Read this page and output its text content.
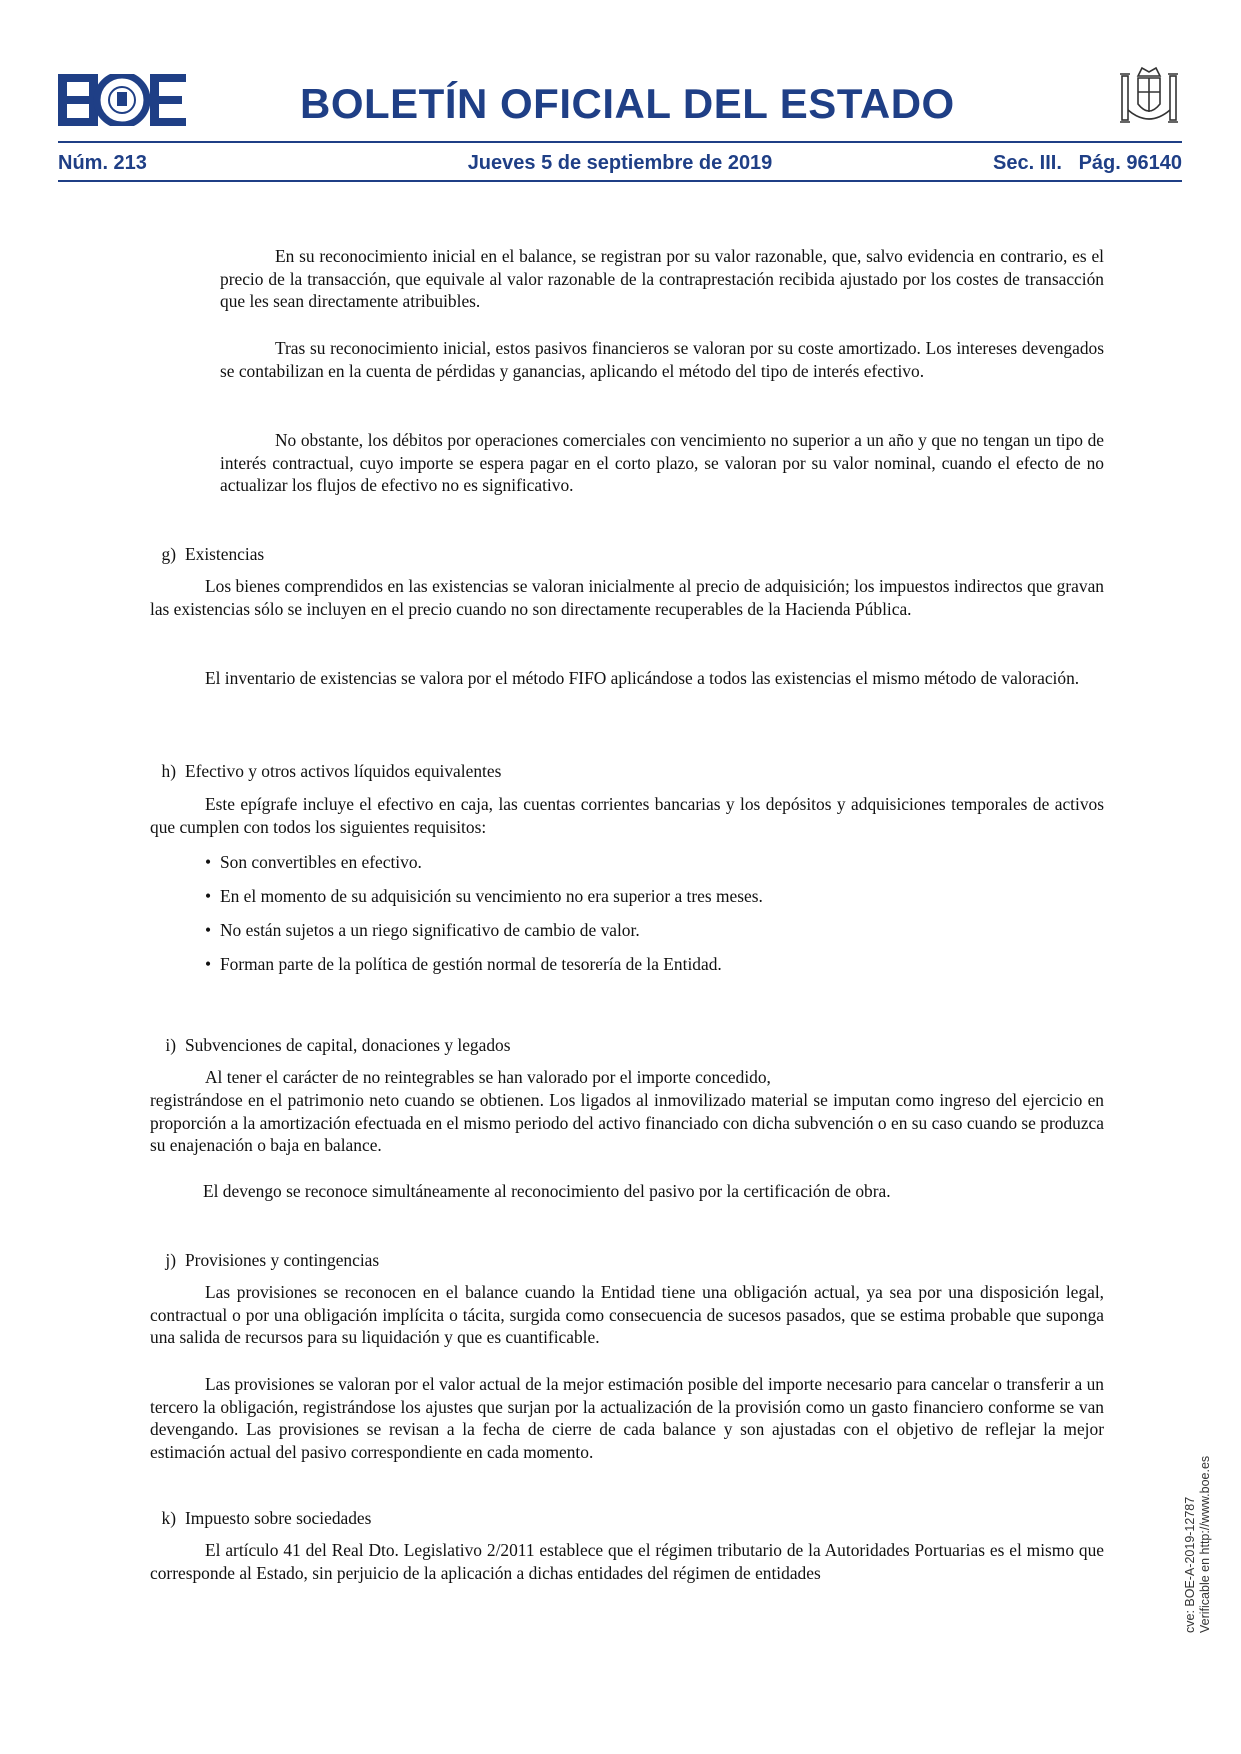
BOLETÍN OFICIAL DEL ESTADO
Núm. 213	Jueves 5 de septiembre de 2019	Sec. III.   Pág. 96140

En su reconocimiento inicial en el balance, se registran por su valor razonable, que, salvo evidencia en contrario, es el precio de la transacción, que equivale al valor razonable de la contraprestación recibida ajustado por los costes de transacción que les sean directamente atribuibles.

Tras su reconocimiento inicial, estos pasivos financieros se valoran por su coste amortizado. Los intereses devengados se contabilizan en la cuenta de pérdidas y ganancias, aplicando el método del tipo de interés efectivo.

No obstante, los débitos por operaciones comerciales con vencimiento no superior a un año y que no tengan un tipo de interés contractual, cuyo importe se espera pagar en el corto plazo, se valoran por su valor nominal, cuando el efecto de no actualizar los flujos de efectivo no es significativo.

g) Existencias

Los bienes comprendidos en las existencias se valoran inicialmente al precio de adquisición; los impuestos indirectos que gravan las existencias sólo se incluyen en el precio cuando no son directamente recuperables de la Hacienda Pública.

El inventario de existencias se valora por el método FIFO aplicándose a todos las existencias el mismo método de valoración.

h) Efectivo y otros activos líquidos equivalentes

Este epígrafe incluye el efectivo en caja, las cuentas corrientes bancarias y los depósitos y adquisiciones temporales de activos que cumplen con todos los siguientes requisitos:

• Son convertibles en efectivo.
• En el momento de su adquisición su vencimiento no era superior a tres meses.
• No están sujetos a un riego significativo de cambio de valor.
• Forman parte de la política de gestión normal de tesorería de la Entidad.
i) Subvenciones de capital, donaciones y legados
Al tener el carácter de no reintegrables se han valorado por el importe concedido,

registrándose en el patrimonio neto cuando se obtienen. Los ligados al inmovilizado material se imputan como ingreso del ejercicio en proporción a la amortización efectuada en el mismo periodo del activo financiado con dicha subvención o en su caso cuando se produzca su enajenación o baja en balance.

El devengo se reconoce simultáneamente al reconocimiento del pasivo por la certificación de obra.
j) Provisiones y contingencias

Las provisiones se reconocen en el balance cuando la Entidad tiene una obligación actual, ya sea por una disposición legal, contractual o por una obligación implícita o tácita, surgida como consecuencia de sucesos pasados, que se estima probable que suponga una salida de recursos para su liquidación y que es cuantificable.

Las provisiones se valoran por el valor actual de la mejor estimación posible del importe necesario para cancelar o transferir a un tercero la obligación, registrándose los ajustes que surjan por la actualización de la provisión como un gasto financiero conforme se van devengando. Las provisiones se revisan a la fecha de cierre de cada balance y son ajustadas con el objetivo de reflejar la mejor estimación actual del pasivo correspondiente en cada momento.

k) Impuesto sobre sociedades

El artículo 41 del Real Dto. Legislativo 2/2011 establece que el régimen tributario de la Autoridades Portuarias es el mismo que corresponde al Estado, sin perjuicio de la aplicación a dichas entidades del régimen de entidades	cve: BOE-A-2019-12787 Verificable en http://www.boe.es
